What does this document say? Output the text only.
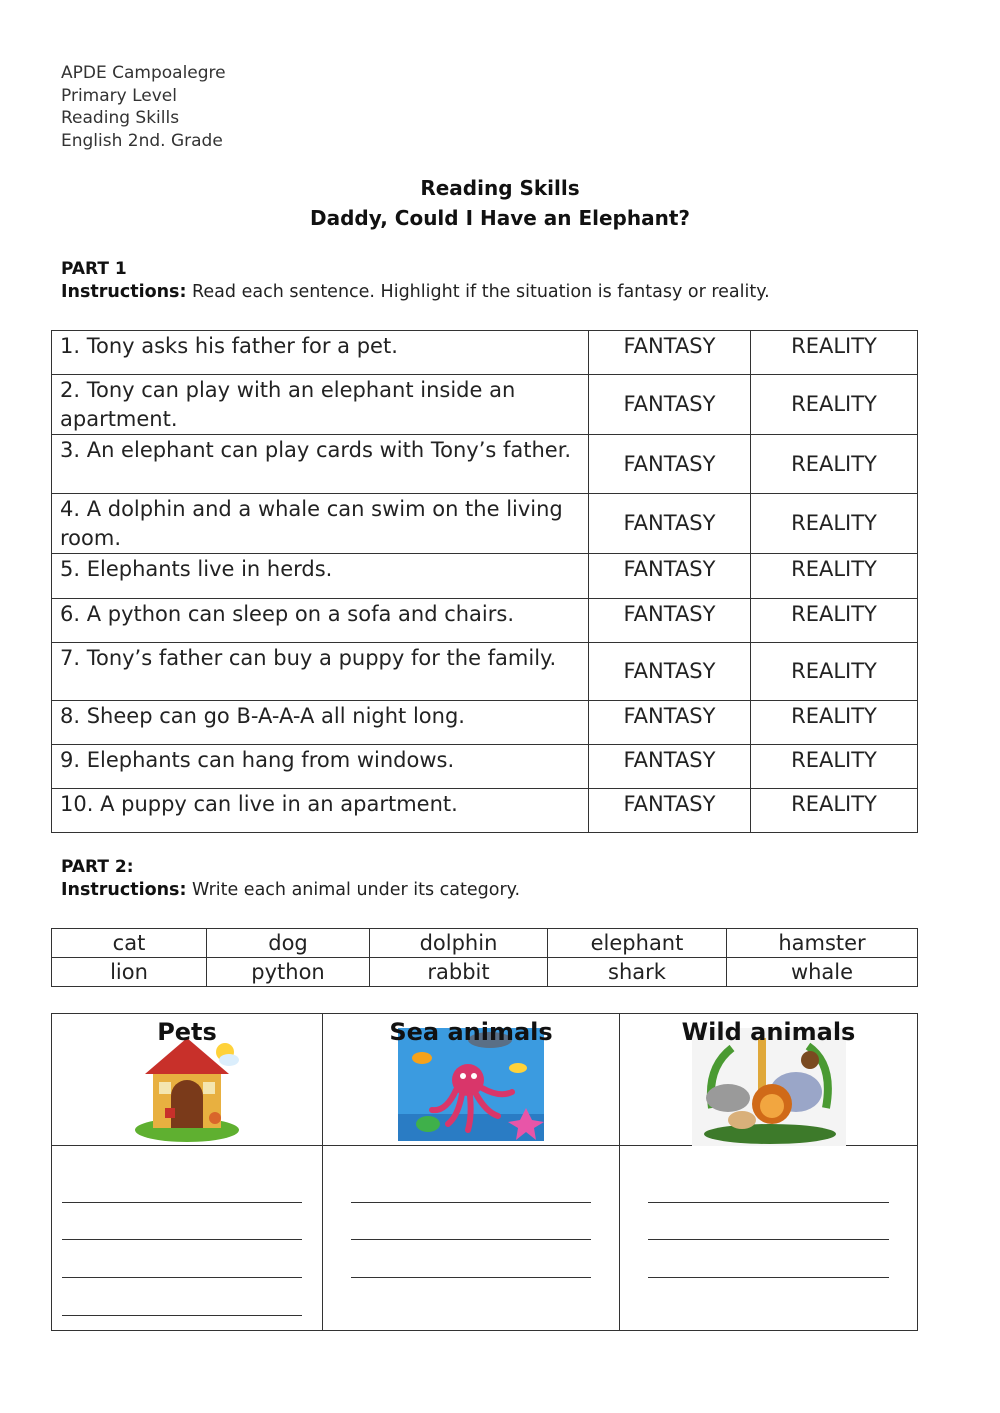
APDE Campoalegre
Primary Level
Reading Skills
English 2nd. Grade
Reading Skills
Daddy, Could I Have an Elephant?
PART 1
Instructions: Read each sentence. Highlight if the situation is fantasy or reality.
1. Tony asks his father for a pet.	FANTASY	REALITY

2. Tony can play with an elephant inside an apartment.	FANTASY	REALITY

3. An elephant can play cards with Tony’s father.	FANTASY	REALITY

4. A dolphin and a whale can swim on the living room.	FANTASY	REALITY

5. Elephants live in herds.	FANTASY	REALITY

6. A python can sleep on a sofa and chairs.	FANTASY	REALITY

7. Tony’s father can buy a puppy for the family.	FANTASY	REALITY

8. Sheep can go B-A-A-A all night long.	FANTASY	REALITY

9. Elephants can hang from windows.	FANTASY	REALITY

10. A puppy can live in an apartment.	FANTASY	REALITY
PART 2:
Instructions: Write each animal under its category.
cat	dog	dolphin	elephant	hamster
lion	python	rabbit	shark	whale
Pets	Sea animals	Wild animals
